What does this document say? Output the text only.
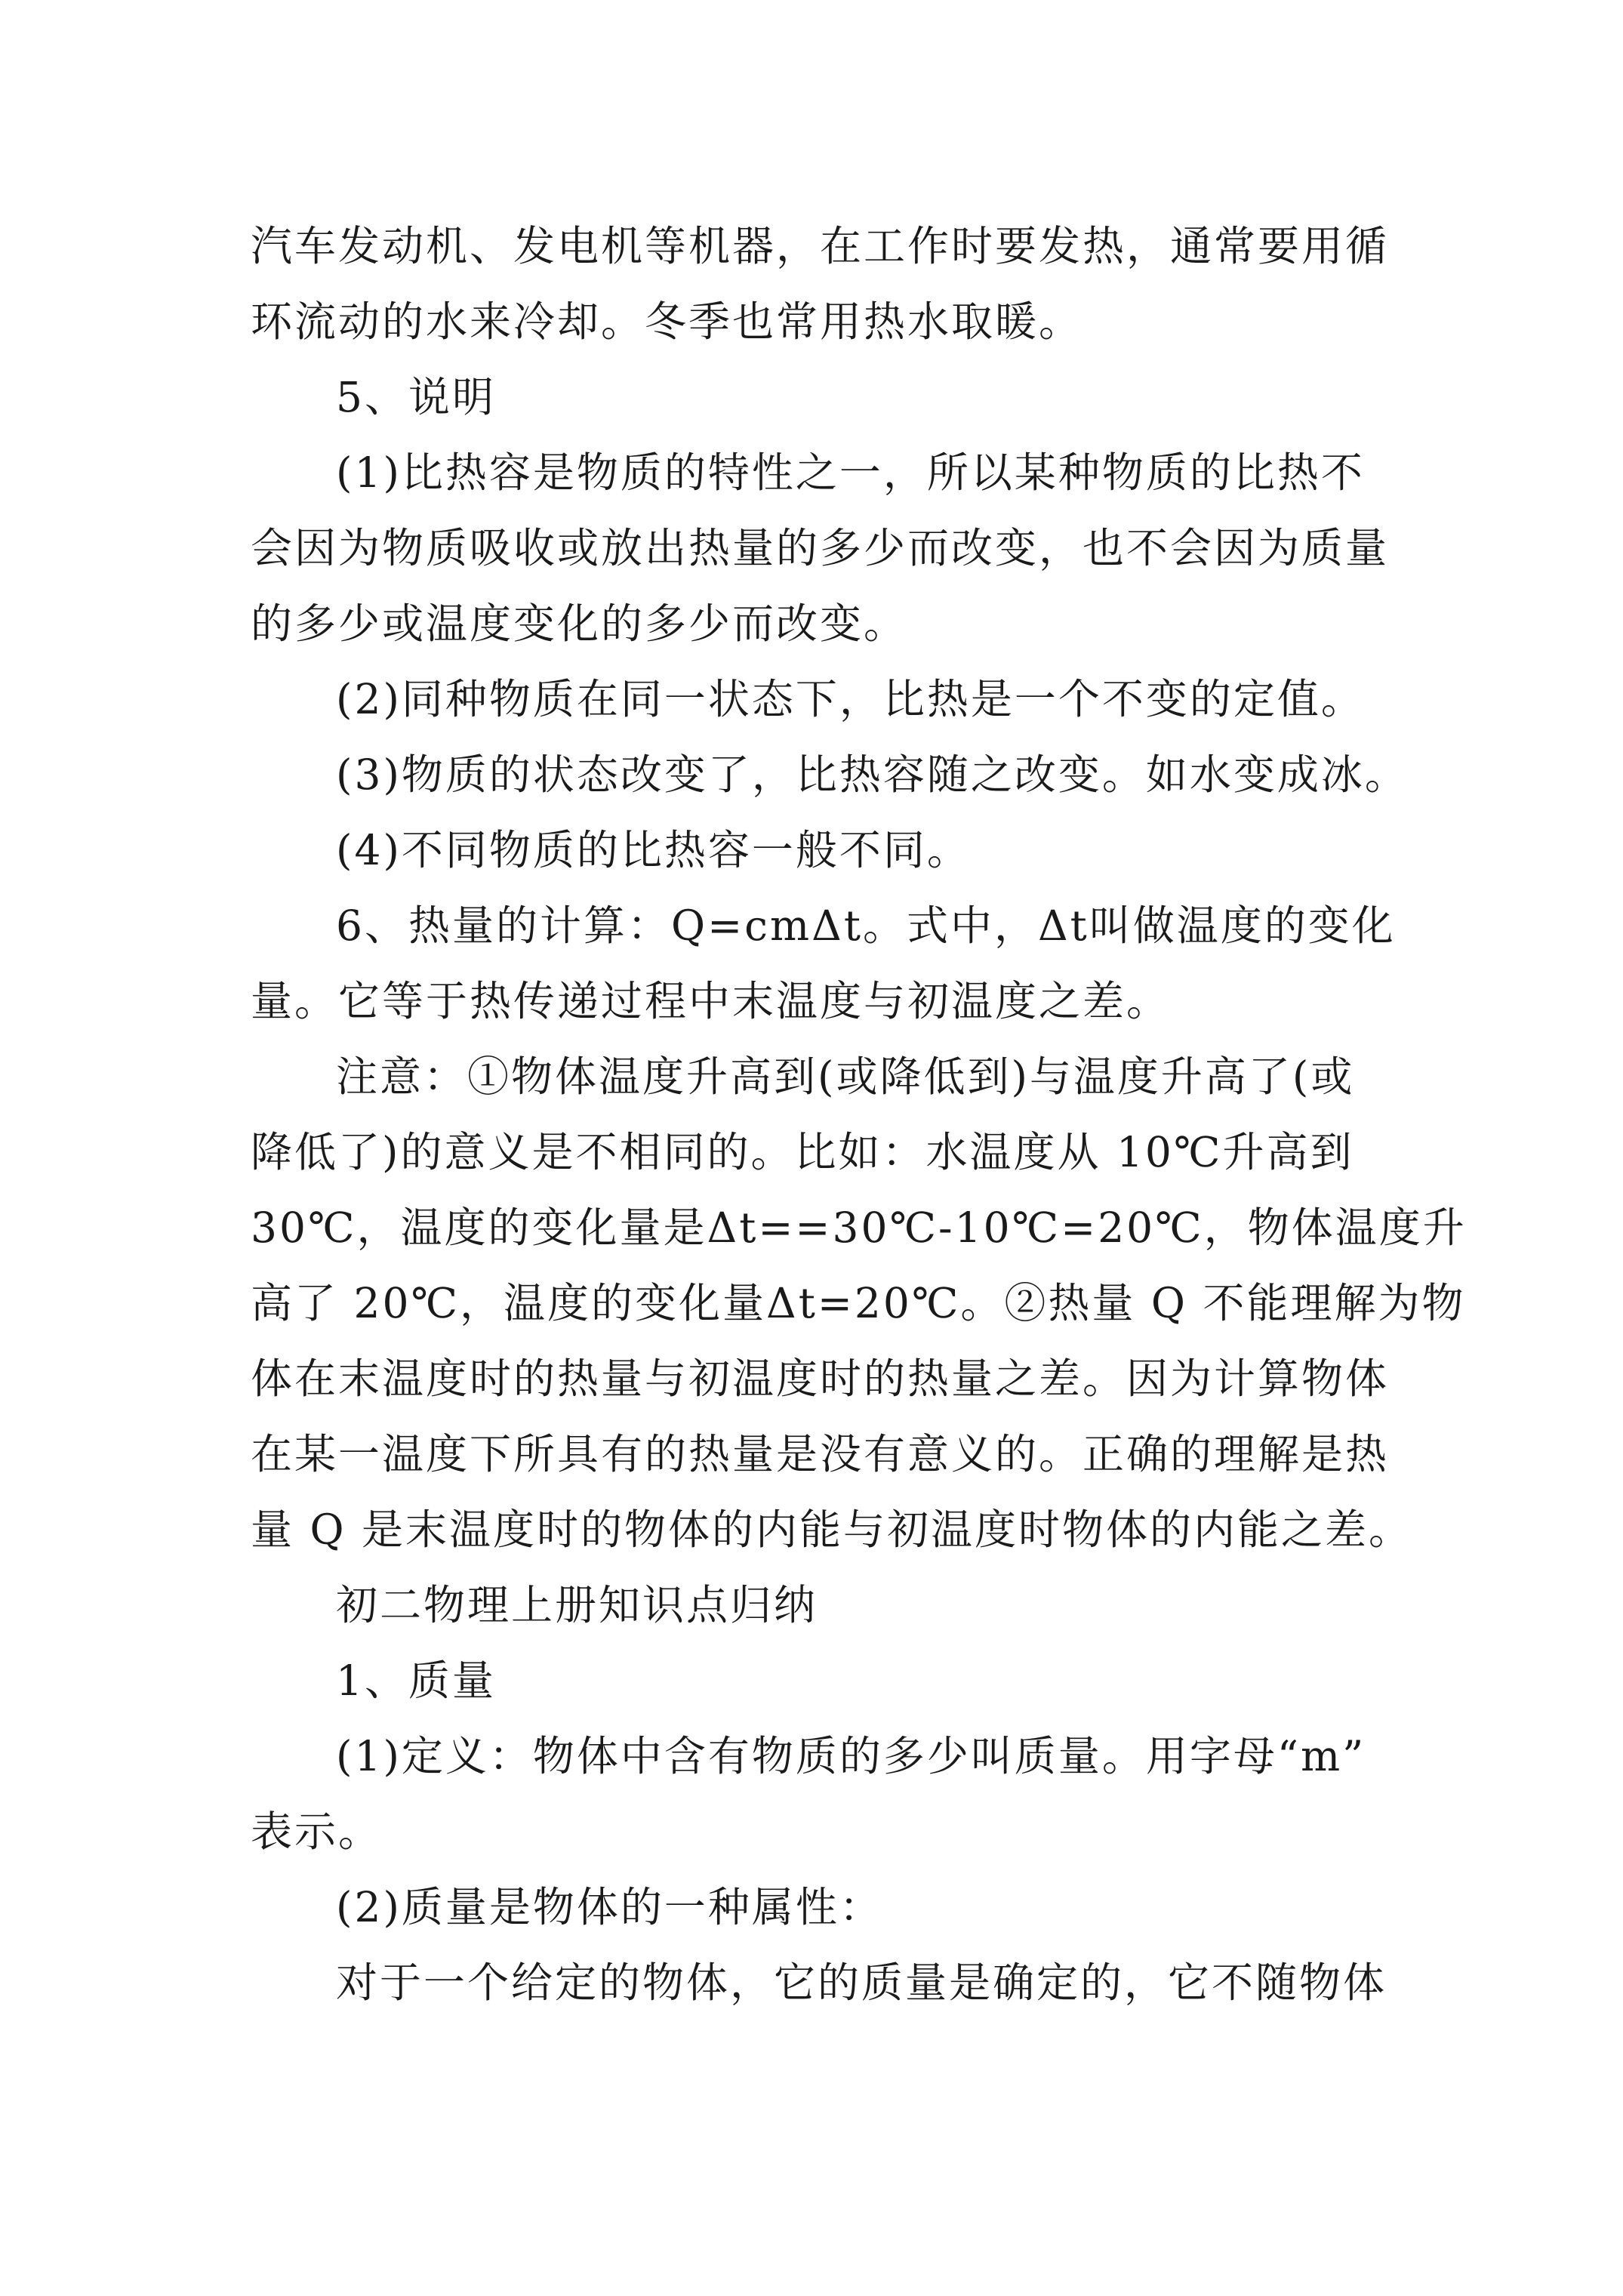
汽车发动机、发电机等机器，在工作时要发热，通常要用循
环流动的水来冷却。冬季也常用热水取暖。
5、说明
(1)比热容是物质的特性之一，所以某种物质的比热不
会因为物质吸收或放出热量的多少而改变，也不会因为质量
的多少或温度变化的多少而改变。
(2)同种物质在同一状态下，比热是一个不变的定值。
(3)物质的状态改变了，比热容随之改变。如水变成冰。
(4)不同物质的比热容一般不同。
6、热量的计算：Q=cmΔt。式中，Δt叫做温度的变化
量。它等于热传递过程中末温度与初温度之差。
注意：①物体温度升高到(或降低到)与温度升高了(或
降低了)的意义是不相同的。比如：水温度从 10℃升高到
30℃，温度的变化量是Δt==30℃-10℃=20℃，物体温度升
高了 20℃，温度的变化量Δt=20℃。②热量 Q 不能理解为物
体在末温度时的热量与初温度时的热量之差。因为计算物体
在某一温度下所具有的热量是没有意义的。正确的理解是热
量 Q 是末温度时的物体的内能与初温度时物体的内能之差。
初二物理上册知识点归纳
1、质量
(1)定义：物体中含有物质的多少叫质量。用字母“m”
表示。
(2)质量是物体的一种属性：
对于一个给定的物体，它的质量是确定的，它不随物体
